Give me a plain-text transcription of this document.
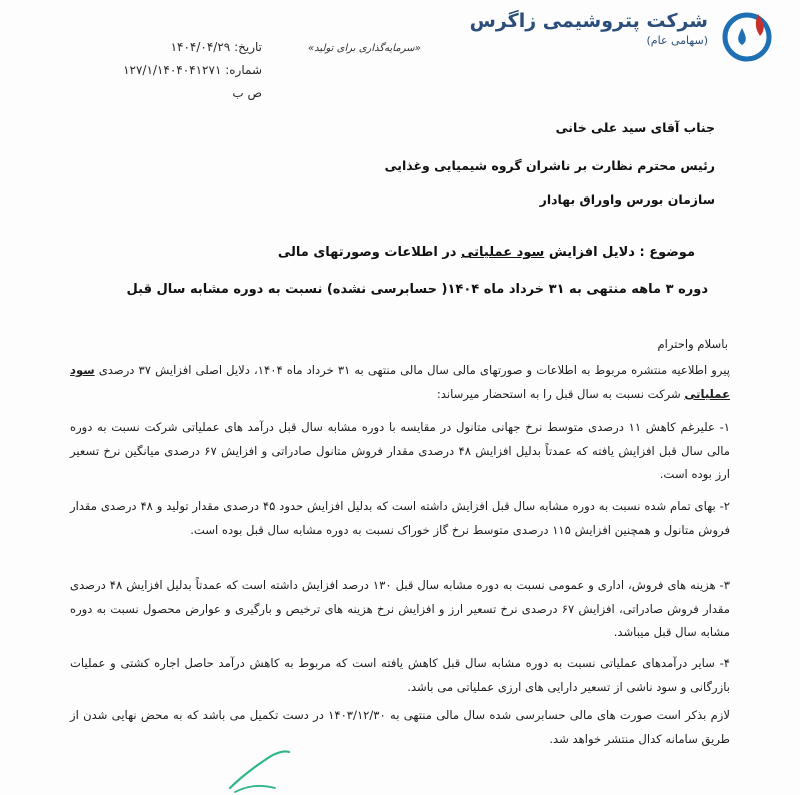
شرکت پتروشیمی زاگرس
(سهامی عام)
«سرمایه‌گذاری برای تولید»
تاریخ: ۱۴۰۴/۰۴/۲۹
شماره: ۱۲۷/۱/۱۴۰۴۰۴۱۲۷۱ ص ب
جناب آقای سید علی خانی
رئیس محترم نظارت بر ناشران گروه شیمیایی وغذایی
سازمان بورس واوراق بهادار
موضوع : دلایل افزایش سود عملیاتی در اطلاعات وصورتهای مالی
دوره ۳ ماهه منتهی به ۳۱ خرداد ماه ۱۴۰۴( حسابرسی نشده) نسبت به دوره مشابه سال قبل
باسلام واحترام
پیرو اطلاعیه منتشره مربوط به اطلاعات و صورتهای مالی سال مالی منتهی به ۳۱ خرداد ماه ۱۴۰۴، دلایل اصلی افزایش ۳۷ درصدی سود عملیاتی شرکت نسبت به سال قبل را به استحضار میرساند:
۱- علیرغم کاهش ۱۱ درصدی متوسط نرخ جهانی متانول در مقایسه با دوره مشابه سال قبل درآمد های عملیاتی شرکت نسبت به دوره مالی سال قبل افزایش یافته که عمدتاً بدلیل افزایش ۴۸ درصدی مقدار فروش متانول صادراتی و افزایش ۶۷ درصدی میانگین نرخ تسعیر ارز بوده است.
۲- بهای تمام شده نسبت به دوره مشابه سال قبل افزایش داشته است که بدلیل افزایش حدود ۴۵ درصدی مقدار تولید و ۴۸ درصدی مقدار فروش متانول و همچنین افزایش ۱۱۵ درصدی متوسط نرخ گاز خوراک نسبت به دوره مشابه سال قبل بوده است.
۳- هزینه های فروش، اداری و عمومی نسبت به دوره مشابه سال قبل ۱۳۰ درصد افزایش داشته است که عمدتاً بدلیل افزایش ۴۸ درصدی مقدار فروش صادراتی، افزایش ۶۷ درصدی نرخ تسعیر ارز و افزایش نرخ هزینه های ترخیص و بارگیری و عوارض محصول نسبت به دوره مشابه سال قبل میباشد.
۴- سایر درآمدهای عملیاتی نسبت به دوره مشابه سال قبل کاهش یافته است که مربوط به کاهش درآمد حاصل اجاره کشتی و عملیات بازرگانی و سود ناشی از تسعیر دارایی های ارزی عملیاتی می باشد.
لازم بذکر است صورت های مالی حسابرسی شده سال مالی منتهی به ۱۴۰۳/۱۲/۳۰ در دست تکمیل می باشد که به محض نهایی شدن از طریق سامانه کدال منتشر خواهد شد.
